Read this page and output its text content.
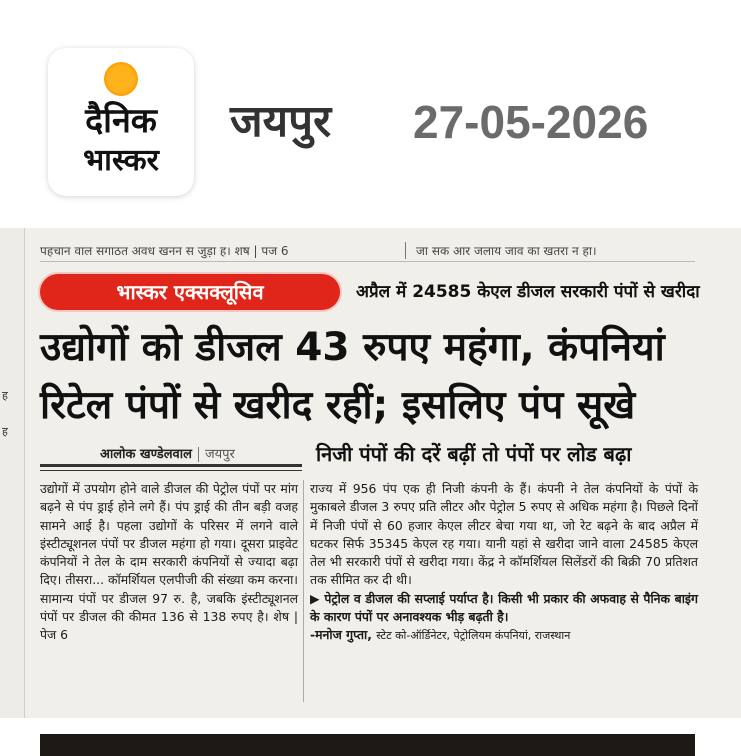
दैनिक
भास्कर
जयपुर 27-05-2026
ह
ह
पहचान वाल सगाठत अवध खनन स जुड़ा ह। शष | पज 6	जा सक आर जलाय जाव का खतरा न हा।
भास्कर एक्सक्लूसिव	अप्रैल में 24585 केएल डीजल सरकारी पंपों से खरीदा
उद्योगों को डीजल 43 रुपए महंगा, कंपनियां
रिटेल पंपों से खरीद रहीं; इसलिए पंप सूखे
आलोक खण्डेलवाल जयपुर	निजी पंपों की दरें बढ़ीं तो पंपों पर लोड बढ़ा

उद्योगों में उपयोग होने वाले डीजल की पेट्रोल पंपों पर मांग बढ़ने से पंप ड्राई होने लगे हैं। पंप ड्राई की तीन बड़ी वजह सामने आई है। पहला उद्योगों के परिसर में लगने वाले इंस्टीट्यूशनल पंपों पर डीजल महंगा हो गया। दूसरा प्राइवेट कंपनियों ने तेल के दाम सरकारी कंपनियों से ज्यादा बढ़ा दिए। तीसरा... कॉमर्शियल एलपीजी की संख्या कम करना। सामान्य पंपों पर डीजल 97 रु. है, जबकि इंस्टीट्यूशनल पंपों पर डीजल की कीमत 136 से 138 रुपए है। शेष | पेज 6

राज्य में 956 पंप एक ही निजी कंपनी के हैं। कंपनी ने तेल कंपनियों के पंपों के मुकाबले डीजल 3 रुपए प्रति लीटर और पेट्रोल 5 रुपए से अधिक महंगा है। पिछले दिनों में निजी पंपों से 60 हजार केएल लीटर बेचा गया था, जो रेट बढ़ने के बाद अप्रैल में घटकर सिर्फ 35345 केएल रह गया। यानी यहां से खरीदा जाने वाला 24585 केएल तेल भी सरकारी पंपों से खरीदा गया। केंद्र ने कॉमर्शियल सिलेंडरों की बिक्री 70 प्रतिशत तक सीमित कर दी थी।

▶ पेट्रोल व डीजल की सप्लाई पर्याप्त है। किसी भी प्रकार की अफवाह से पैनिक बाइंग के कारण पंपों पर अनावश्यक भीड़ बढ़ती है।

-मनोज गुप्ता, स्टेट को-ऑर्डिनेटर, पेट्रोलियम कंपनियां, राजस्थान
